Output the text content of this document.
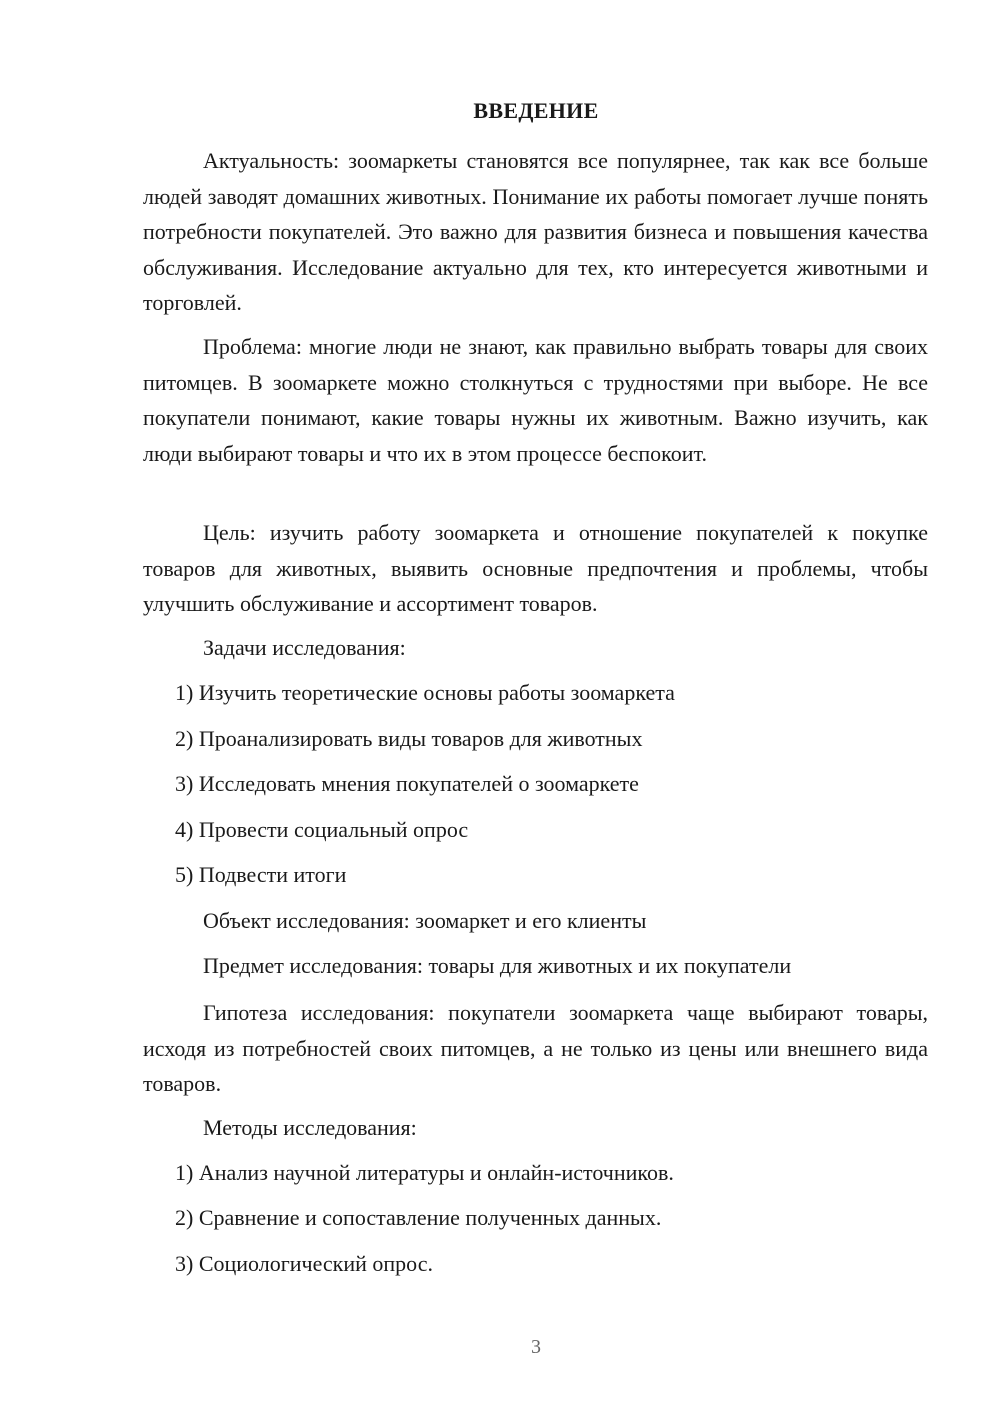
ВВЕДЕНИЕ

Актуальность: зоомаркеты становятся все популярнее, так как все больше людей заводят домашних животных. Понимание их работы помогает лучше понять потребности покупателей. Это важно для развития бизнеса и повышения качества обслуживания. Исследование актуально для тех, кто интересуется животными и торговлей.

Проблема: многие люди не знают, как правильно выбрать товары для своих питомцев. В зоомаркете можно столкнуться с трудностями при выборе. Не все покупатели понимают, какие товары нужны их животным. Важно изучить, как люди выбирают товары и что их в этом процессе беспокоит.

Цель: изучить работу зоомаркета и отношение покупателей к покупке товаров для животных, выявить основные предпочтения и проблемы, чтобы улучшить обслуживание и ассортимент товаров.

Задачи исследования:

1) Изучить теоретические основы работы зоомаркета

2) Проанализировать виды товаров для животных

3) Исследовать мнения покупателей о зоомаркете

4) Провести социальный опрос

5) Подвести итоги

Объект исследования: зоомаркет и его клиенты

Предмет исследования: товары для животных и их покупатели

Гипотеза исследования: покупатели зоомаркета чаще выбирают товары, исходя из потребностей своих питомцев, а не только из цены или внешнего вида товаров.

Методы исследования:

1) Анализ научной литературы и онлайн-источников.

2) Сравнение и сопоставление полученных данных.

3) Социологический опрос.

3
